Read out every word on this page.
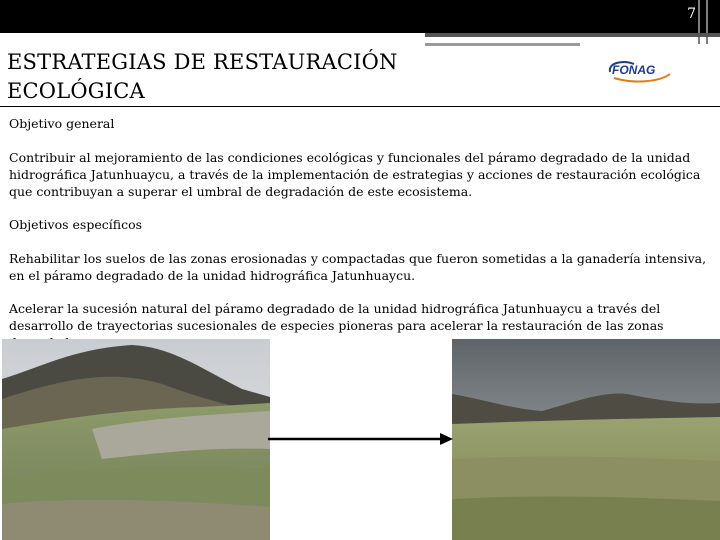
7
ESTRATEGIAS DE RESTAURACIÓN
ECOLÓGICA
FONAG
Objetivo general
Contribuir al mejoramiento de las condiciones ecológicas y funcionales del páramo degradado de la unidad hidrográfica Jatunhuaycu, a través de la implementación de estrategias y acciones de restauración ecológica que contribuyan a superar el umbral de degradación de este ecosistema.
Objetivos específicos
Rehabilitar los suelos de las zonas erosionadas y compactadas que fueron sometidas a la ganadería intensiva, en el páramo degradado de la unidad hidrográfica Jatunhuaycu.
Acelerar la sucesión natural del páramo degradado de la unidad hidrográfica Jatunhuaycu a través del desarrollo de trayectorias sucesionales de especies pioneras para acelerar la restauración de las zonas
